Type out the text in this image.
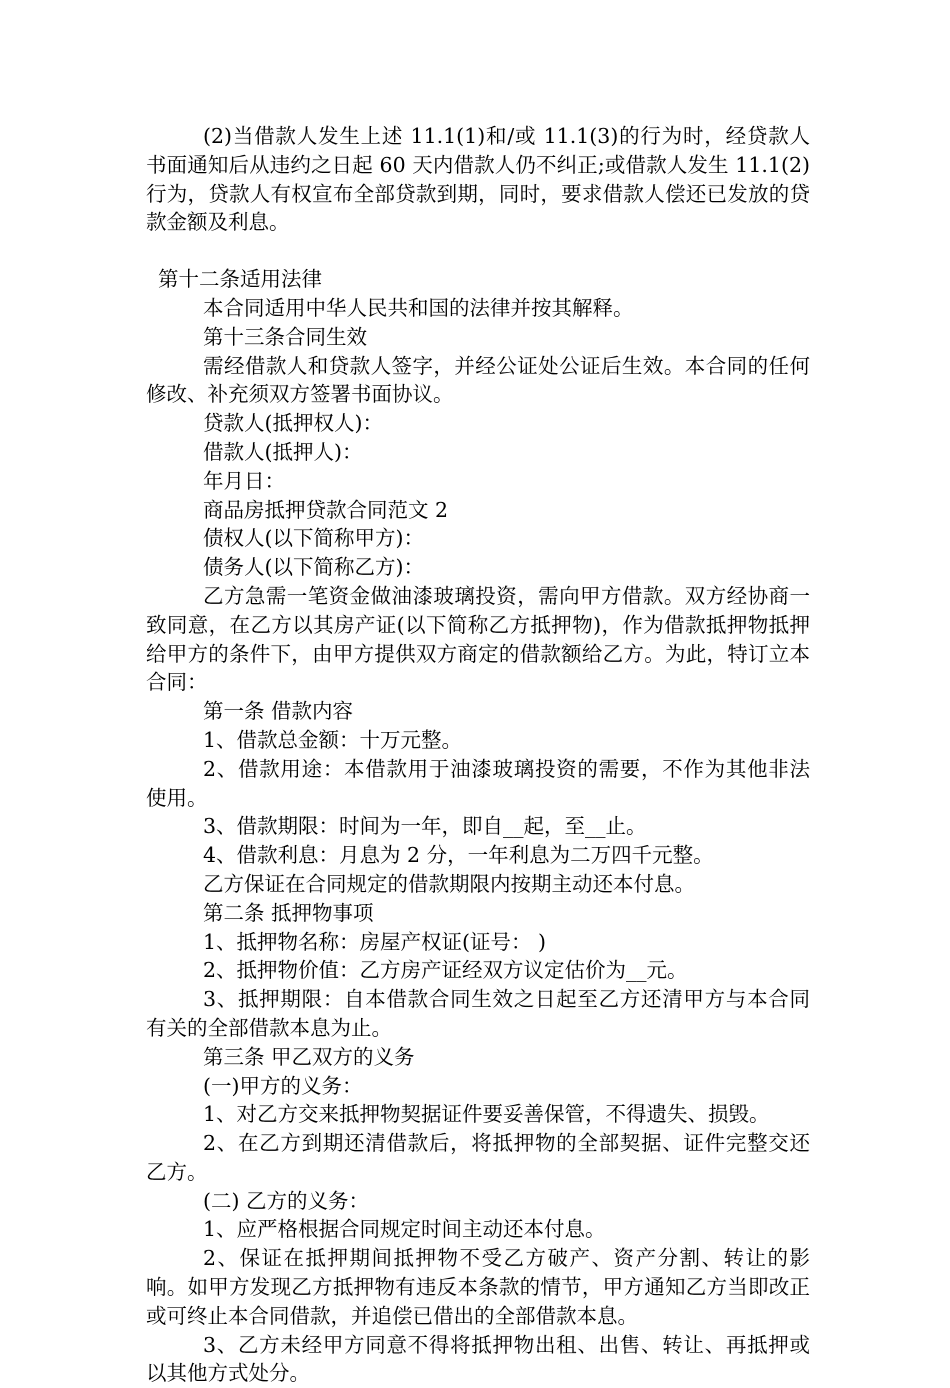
(2)当借款人发生上述 11.1(1)和/或 11.1(3)的行为时，经贷款人书面通知后从违约之日起 60 天内借款人仍不纠正;或借款人发生 11.1(2)行为，贷款人有权宣布全部贷款到期，同时，要求借款人偿还已发放的贷款金额及利息。

第十二条适用法律

本合同适用中华人民共和国的法律并按其解释。

第十三条合同生效

需经借款人和贷款人签字，并经公证处公证后生效。本合同的任何修改、补充须双方签署书面协议。

贷款人(抵押权人)：

借款人(抵押人)：

年月日：

商品房抵押贷款合同范文 2

债权人(以下简称甲方)：

债务人(以下简称乙方)：

乙方急需一笔资金做油漆玻璃投资，需向甲方借款。双方经协商一致同意，在乙方以其房产证(以下简称乙方抵押物)，作为借款抵押物抵押给甲方的条件下，由甲方提供双方商定的借款额给乙方。为此，特订立本合同：

第一条 借款内容

1、借款总金额：十万元整。

2、借款用途：本借款用于油漆玻璃投资的需要，不作为其他非法使用。

3、借款期限：时间为一年，即自__起，至__止。

4、借款利息：月息为 2 分，一年利息为二万四千元整。

乙方保证在合同规定的借款期限内按期主动还本付息。

第二条 抵押物事项

1、抵押物名称：房屋产权证(证号： )

2、抵押物价值：乙方房产证经双方议定估价为__元。

3、抵押期限：自本借款合同生效之日起至乙方还清甲方与本合同有关的全部借款本息为止。

第三条 甲乙双方的义务

(一)甲方的义务：

1、对乙方交来抵押物契据证件要妥善保管，不得遗失、损毁。

2、在乙方到期还清借款后，将抵押物的全部契据、证件完整交还乙方。

(二) 乙方的义务：

1、应严格根据合同规定时间主动还本付息。

2、保证在抵押期间抵押物不受乙方破产、资产分割、转让的影响。如甲方发现乙方抵押物有违反本条款的情节，甲方通知乙方当即改正或可终止本合同借款，并追偿已借出的全部借款本息。

3、乙方未经甲方同意不得将抵押物出租、出售、转让、再抵押或以其他方式处分。
